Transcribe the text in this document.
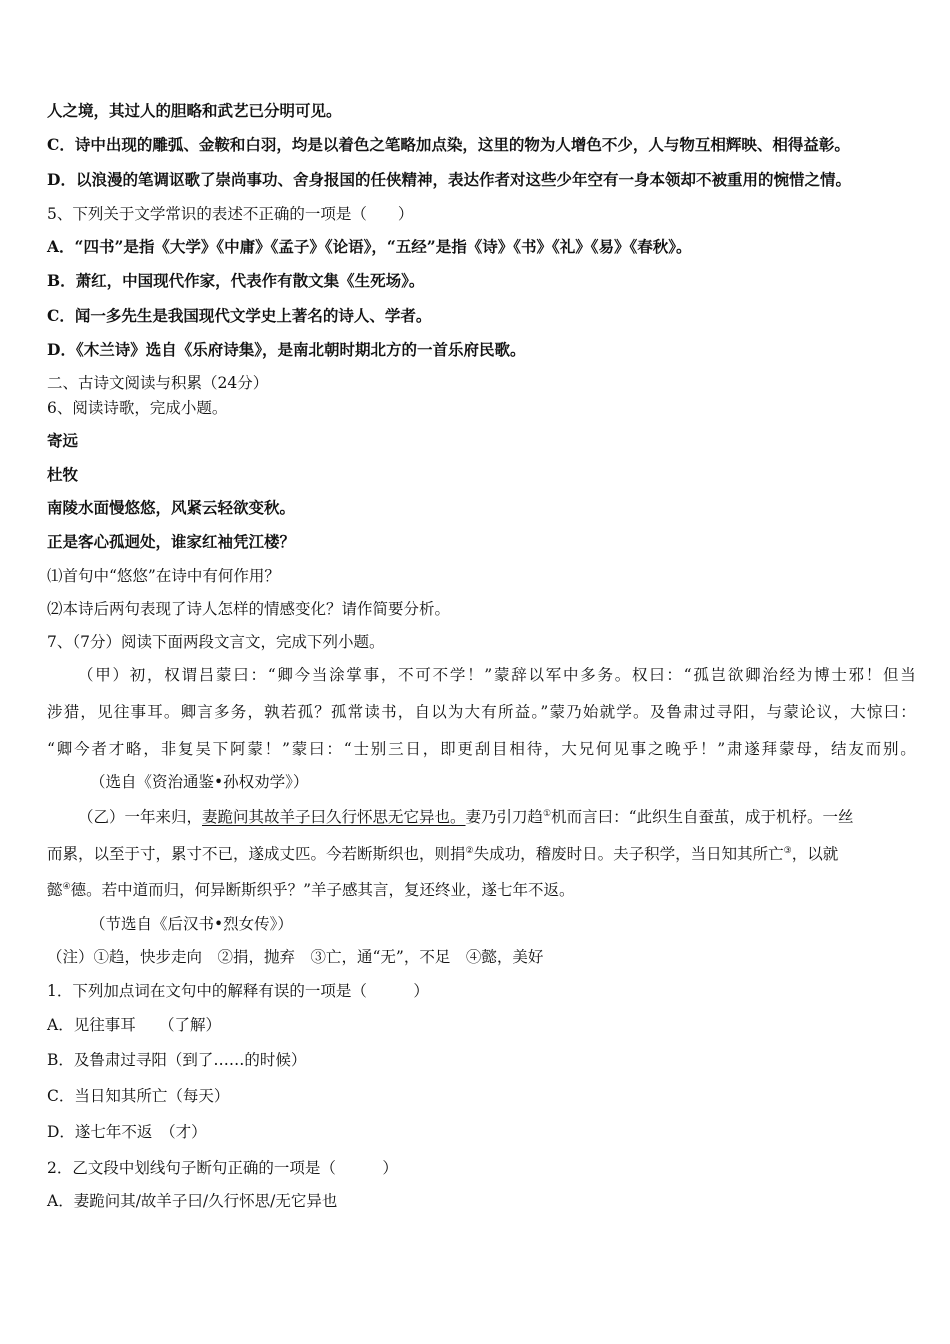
人之境，其过人的胆略和武艺已分明可见。
C．诗中出现的雕弧、金鞍和白羽，均是以着色之笔略加点染，这里的物为人增色不少，人与物互相辉映、相得益彰。
D．以浪漫的笔调讴歌了崇尚事功、舍身报国的任侠精神，表达作者对这些少年空有一身本领却不被重用的惋惜之情。
5、下列关于文学常识的表述不正确的一项是（　　）
A．“四书”是指《大学》《中庸》《孟子》《论语》，“五经”是指《诗》《书》《礼》《易》《春秋》。
B．萧红，中国现代作家，代表作有散文集《生死场》。
C．闻一多先生是我国现代文学史上著名的诗人、学者。
D．《木兰诗》选自《乐府诗集》，是南北朝时期北方的一首乐府民歌。
二、古诗文阅读与积累（24分）
6、阅读诗歌，完成小题。
寄远
杜牧
南陵水面慢悠悠，风紧云轻欲变秋。
正是客心孤迥处，谁家红袖凭江楼？
⑴首句中“悠悠”在诗中有何作用？
⑵本诗后两句表现了诗人怎样的情感变化？请作简要分析。
7、（7分）阅读下面两段文言文，完成下列小题。
（甲）初，权谓吕蒙曰：“卿今当涂掌事，不可不学！”蒙辞以军中多务。权曰：“孤岂欲卿治经为博士邪！但当
涉猎，见往事耳。卿言多务，孰若孤？孤常读书，自以为大有所益。”蒙乃始就学。及鲁肃过寻阳，与蒙论议，大惊曰：
“卿今者才略，非复吴下阿蒙！”蒙曰：“士别三日，即更刮目相待，大兄何见事之晚乎！”肃遂拜蒙母，结友而别。
（选自《资治通鉴•孙权劝学》）
（乙）一年来归，妻跪问其故羊子曰久行怀思无它异也。妻乃引刀趋①机而言曰：“此织生自蚕茧，成于机杼。一丝
而累，以至于寸，累寸不已，遂成丈匹。今若断斯织也，则捐②失成功，稽废时日。夫子积学，当日知其所亡③，以就
懿④德。若中道而归，何异断斯织乎？”羊子感其言，复还终业，遂七年不返。
（节选自《后汉书•烈女传》）
（注）①趋，快步走向　②捐，抛弃　③亡，通“无”，不足　④懿，美好
1．下列加点词在文句中的解释有误的一项是（　　　）
A．见往事耳　　（了解）
B．及鲁肃过寻阳（到了……的时候）
C．当日知其所亡（每天）
D．遂七年不返　（才）
2．乙文段中划线句子断句正确的一项是（　　　）
A．妻跪问其/故羊子曰/久行怀思/无它异也
